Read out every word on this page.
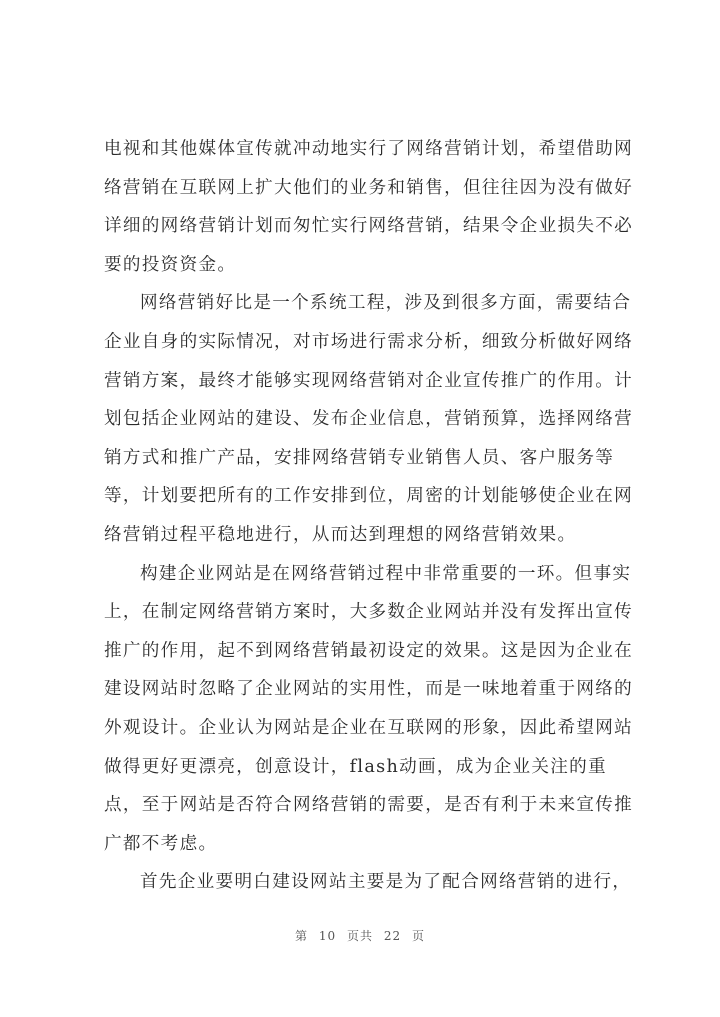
电视和其他媒体宣传就冲动地实行了网络营销计划，希望借助网
络营销在互联网上扩大他们的业务和销售，但往往因为没有做好
详细的网络营销计划而匆忙实行网络营销，结果令企业损失不必
要的投资资金。
网络营销好比是一个系统工程，涉及到很多方面，需要结合
企业自身的实际情况，对市场进行需求分析，细致分析做好网络
营销方案，最终才能够实现网络营销对企业宣传推广的作用。计
划包括企业网站的建设、发布企业信息，营销预算，选择网络营
销方式和推广产品，安排网络营销专业销售人员、客户服务等
等，计划要把所有的工作安排到位，周密的计划能够使企业在网
络营销过程平稳地进行，从而达到理想的网络营销效果。
构建企业网站是在网络营销过程中非常重要的一环。但事实
上，在制定网络营销方案时，大多数企业网站并没有发挥出宣传
推广的作用，起不到网络营销最初设定的效果。这是因为企业在
建设网站时忽略了企业网站的实用性，而是一味地着重于网络的
外观设计。企业认为网站是企业在互联网的形象，因此希望网站
做得更好更漂亮，创意设计，flash动画，成为企业关注的重
点，至于网站是否符合网络营销的需要，是否有利于未来宣传推
广都不考虑。
首先企业要明白建设网站主要是为了配合网络营销的进行，
第 10 页共 22 页
